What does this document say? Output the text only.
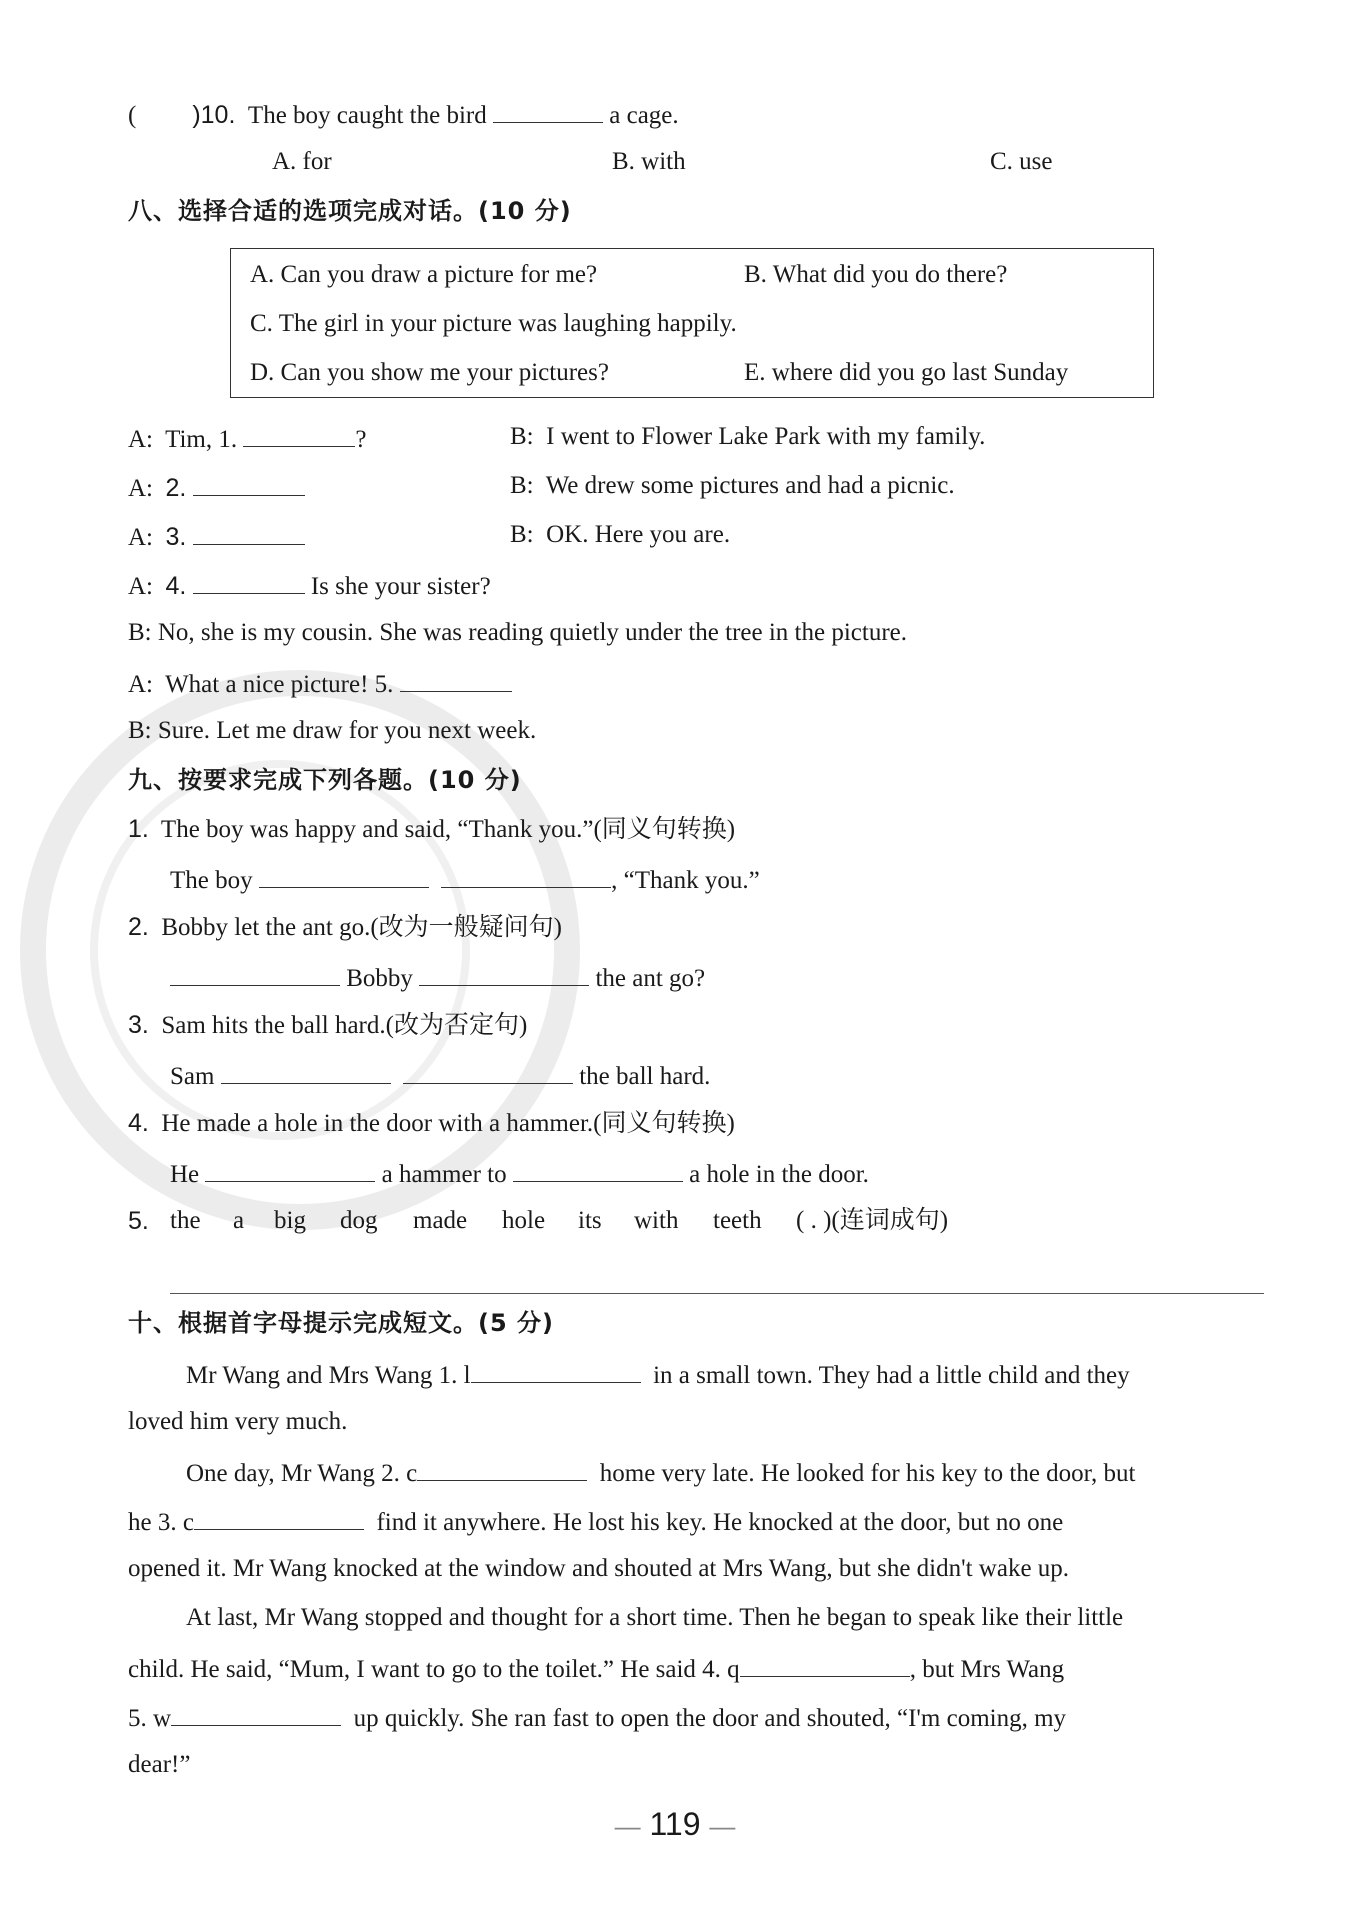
( )10. The boy caught the bird	a cage.
A. for	B. with	C. use
八、选择合适的选项完成对话。(10 分)
A. Can you draw a picture for me?	B. What did you do there?
C. The girl in your picture was laughing happily.
D. Can you show me your pictures?	E. where did you go last Sunday
A: Tim, 1.	?	B: I went to Flower Lake Park with my family.
A: 2.	B: We drew some pictures and had a picnic.
A: 3.	B: OK. Here you are.
A: 4.	Is she your sister?
B: No, she is my cousin. She was reading quietly under the tree in the picture.
A: What a nice picture! 5.
B: Sure. Let me draw for you next week.
九、按要求完成下列各题。(10 分)
1. The boy was happy and said, “Thank you.”(同义句转换)
The boy	, “Thank you.”
2. Bobby let the ant go.(改为一般疑问句)
Bobby	the ant go?
3. Sam hits the ball hard.(改为否定句)
Sam	the ball hard.
4. He made a hole in the door with a hammer.(同义句转换)
He	a hammer to	a hole in the door.
5. the a big dog made hole its with teeth ( . )(连词成句)
十、根据首字母提示完成短文。(5 分)
Mr Wang and Mrs Wang 1. l	in a small town. They had a little child and they
loved him very much.
One day, Mr Wang 2. c	home very late. He looked for his key to the door, but
he 3. c	find it anywhere. He lost his key. He knocked at the door, but no one
opened it. Mr Wang knocked at the window and shouted at Mrs Wang, but she didn't wake up.
At last, Mr Wang stopped and thought for a short time. Then he began to speak like their little
child. He said, “Mum, I want to go to the toilet.” He said 4. q	, but Mrs Wang
5. w	up quickly. She ran fast to open the door and shouted, “I'm coming, my
dear!”
— 119 —
